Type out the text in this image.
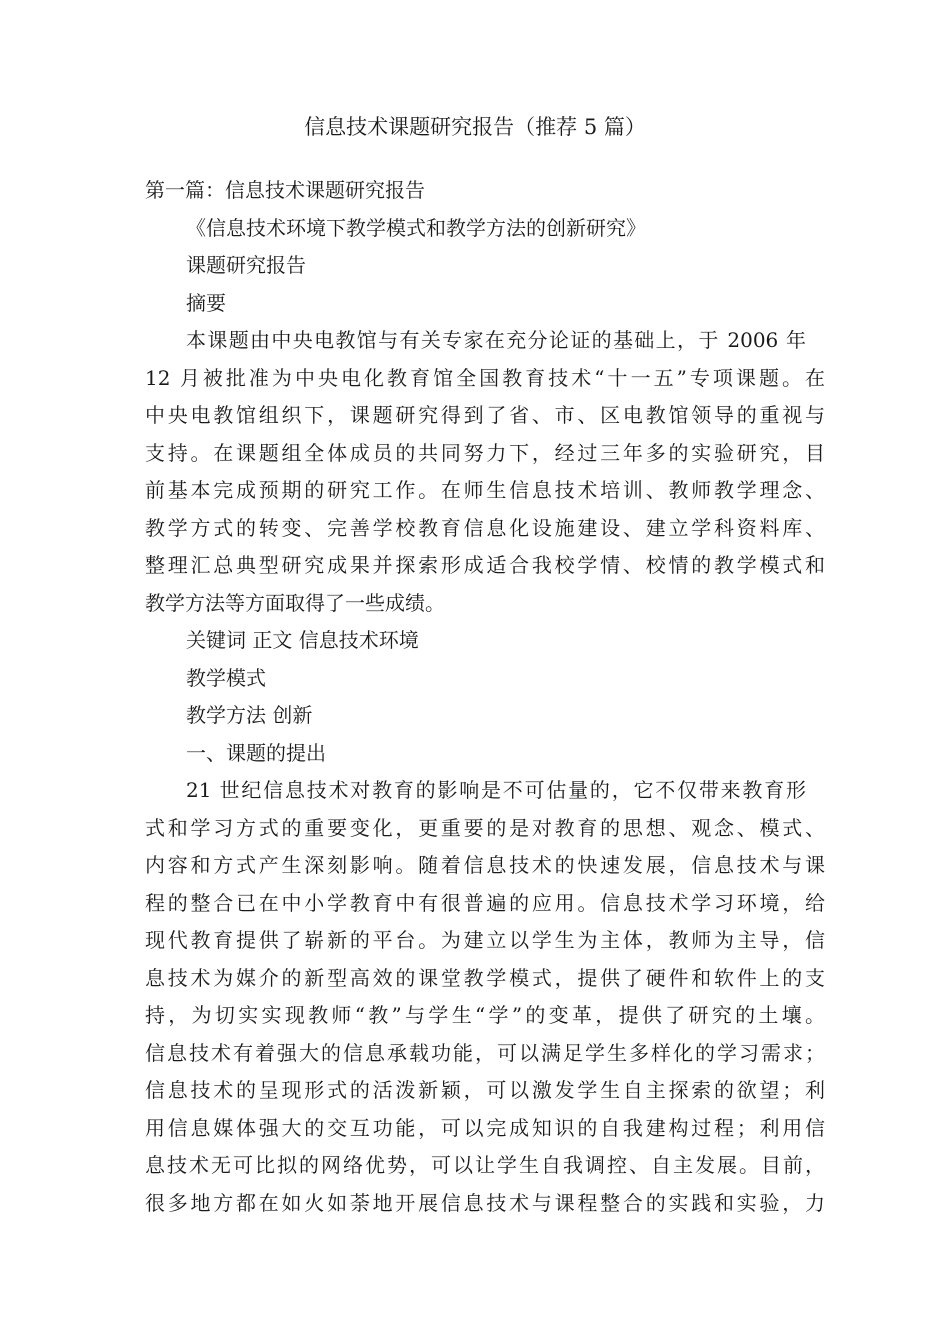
信息技术课题研究报告（推荐 5 篇）
第一篇：信息技术课题研究报告
《信息技术环境下教学模式和教学方法的创新研究》
课题研究报告
摘要
本课题由中央电教馆与有关专家在充分论证的基础上，于 2006 年
12 月被批准为中央电化教育馆全国教育技术“十一五”专项课题。在
中央电教馆组织下，课题研究得到了省、市、区电教馆领导的重视与
支持。在课题组全体成员的共同努力下，经过三年多的实验研究，目
前基本完成预期的研究工作。在师生信息技术培训、教师教学理念、
教学方式的转变、完善学校教育信息化设施建设、建立学科资料库、
整理汇总典型研究成果并探索形成适合我校学情、校情的教学模式和
教学方法等方面取得了一些成绩。
关键词 正文 信息技术环境
教学模式
教学方法 创新
一、课题的提出
21 世纪信息技术对教育的影响是不可估量的，它不仅带来教育形
式和学习方式的重要变化，更重要的是对教育的思想、观念、模式、
内容和方式产生深刻影响。随着信息技术的快速发展，信息技术与课
程的整合已在中小学教育中有很普遍的应用。信息技术学习环境，给
现代教育提供了崭新的平台。为建立以学生为主体，教师为主导，信
息技术为媒介的新型高效的课堂教学模式，提供了硬件和软件上的支
持，为切实实现教师“教”与学生“学”的变革，提供了研究的土壤。
信息技术有着强大的信息承载功能，可以满足学生多样化的学习需求；
信息技术的呈现形式的活泼新颖，可以激发学生自主探索的欲望；利
用信息媒体强大的交互功能，可以完成知识的自我建构过程；利用信
息技术无可比拟的网络优势，可以让学生自我调控、自主发展。目前，
很多地方都在如火如荼地开展信息技术与课程整合的实践和实验，力
